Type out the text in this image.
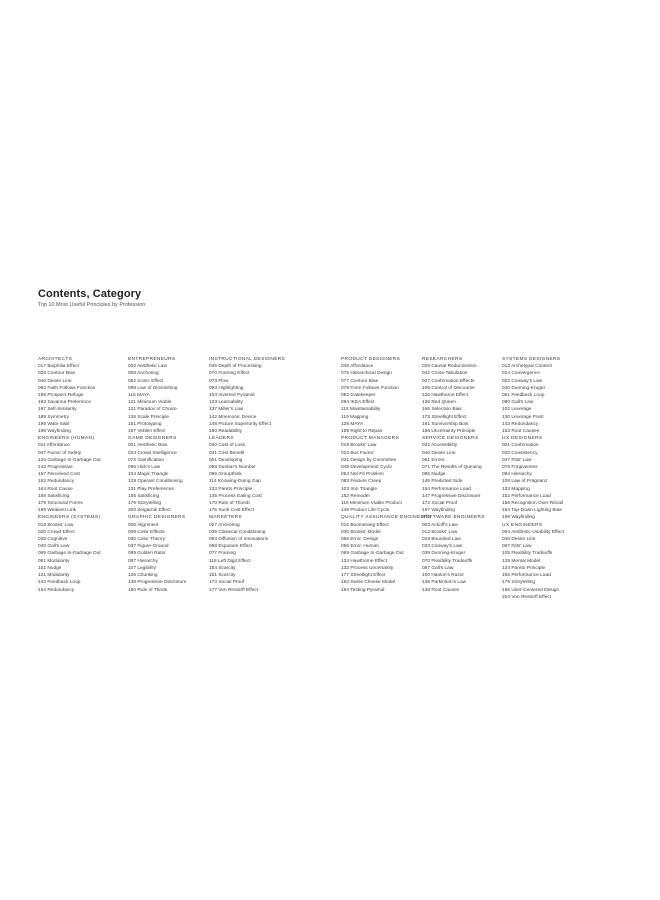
Contents, Category
Top 10 Most Useful Principles by Profession
ARCHITECTS
017 Biophilia Effect
028 Contour Bias
046 Desire Line
092 Faith Follows Function
158 Prospect-Refuge
163 Savanna Preference
167 Self-Similarity
189 Symmetry
195 Wabi-Sabi
198 Wayfinding
ENGINEERS (HUMAN)
011 Affordance
047 Factor of Safety
125 Garbage In-Garbage Out
142 Progressive
157 Perceived Cost
162 Redundancy
164 Root Cause
168 Satisficing
178 Structural Forms
199 Weakest Link
ENGINEERS (SYSTEMS)
019 Brooks' Law
020 Crowd Effect
035 Cognitive
040 Gall's Law
069 Garbage In-Garbage Out
081 Modularity
102 Nudge
121 Modularity
143 Feedback Loop
154 Redundancy
ENTREPRENEURS
002 Aesthetic Law
008 Anchoring
062 Iconic Effect
098 Law of Diminishing
115 MAYA
121 Minimum Viable
131 Paradox of Choice
136 Scale Principle
151 Prototyping
197 Veblen Effect
GAME DESIGNERS
001 Aesthetic Bias
043 Crowd Intelligence
072 Gamification
096 Hick's Law
104 Magic Triangle
129 Operant Conditioning
131 Play Preferences
155 Satisficing
176 Storytelling
200 Zeigarnik Effect
GRAPHIC DESIGNERS
006 Alignment
009 Color Effects
030 Color Theory
037 Figure-Ground
089 Golden Ratio
097 Hierarchy
107 Legibility
126 Chunking
138 Progressive Disclosure
160 Rule of Thirds
INSTRUCTIONAL DESIGNERS
045 Depth of Processing
070 Framing Effect
073 Flow
093 Highlighting
103 Inverted Pyramid
123 Learnability
137 Miller's Law
142 Mnemonic Device
148 Picture Superiority Effect
160 Readability
LEADERS
040 Cost of Loss
041 Cost Benefit
051 Developing
058 Dunbar's Number
086 Groupthink
114 Knowing-Doing Gap
133 Pareto Principle
145 Process Eating Cost
170 Rule of Thumb
175 Sunk Cost Effect
MARKETERS
027 Anchoring
035 Classical Conditioning
063 Diffusion of Innovations
068 Exposure Effect
077 Framing
116 Left Digit Effect
154 Scarcity
161 Scarcity
173 Social Proof
177 Von Restorff Effect
PRODUCT DESIGNERS
048 Affordance
076 Hierarchical Design
077 Contour Bias
078 Form Follows Function
082 Gatekeeper
094 IKEA Effect
118 Maintainability
119 Mapping
128 MAYA
159 Right to Repair
PRODUCT MANAGERS
019 Brooks' Law
023 Bus Factor
031 Design by Committee
049 Development Cycle
054 Not-Fit Problem
083 Feature Creep
103 Iron Triangle
162 Remodel
116 Minimum Viable Product
148 Product Life Cycle
QUALITY ASSURANCE ENGINEERS
016 Boomerang Effect
030 Brooks' Model
055 Error, Design
056 Error, Human
069 Garbage In-Garbage Out
134 Hawthorne Effect
132 Process Uncertainty
177 Streetlight Effect
182 Swiss Cheese Model
184 Testing Pyramid
RESEARCHERS
025 Causal Reductionism
042 Cross-Tabulation
027 Confirmation Effects
105 Control of Discourse
126 Hawthorne Effect
136 Red Queen
166 Selection Bias
173 Streetlight Effect
181 Survivorship Bias
186 Uncertainty Principle
SERVICE DESIGNERS
032 Accessibility
046 Desire Line
061 Errors
071 The Results of Queuing
085 Nudge
146 Predicted Side
154 Performance Load
147 Progressive Disclosure
172 Social Proof
197 Wayfinding
SOFTWARE ENGINEERS
003 Ackoff's Law
013 Brooks' Law
018 Bounded Law
033 Conway's Law
039 Dunning-Kruger
070 Flexibility Tradeoffs
087 Gall's Law
100 Hanlon's Razor
136 Parkinson's Law
138 Root Causes
SYSTEMS DESIGNERS
013 Archetypal Content
014 Convergence
022 Conway's Law
040 Dunning-Kruger
051 Feedback Loop
080 Gall's Law
102 Leverage
130 Leverage Point
143 Redundancy
153 Root Causes
UX DESIGNERS
001 Confirmation
020 Consistency
047 Fitts' Law
076 Forgiveness
094 Hierarchy
108 Law of Prägnanz
133 Mapping
152 Performance Load
156 Recognition Over Recall
164 Top-Down Lighting Bias
198 Wayfinding
UX ENGINEERS
004 Aesthetic-Usability Effect
046 Desire Line
067 Fitts' Law
105 Flexibility Tradeoffs
129 Mental Model
134 Pareto Principle
165 Performance Load
176 Storytelling
195 User-Centered Design
204 Von Restorff Effect
